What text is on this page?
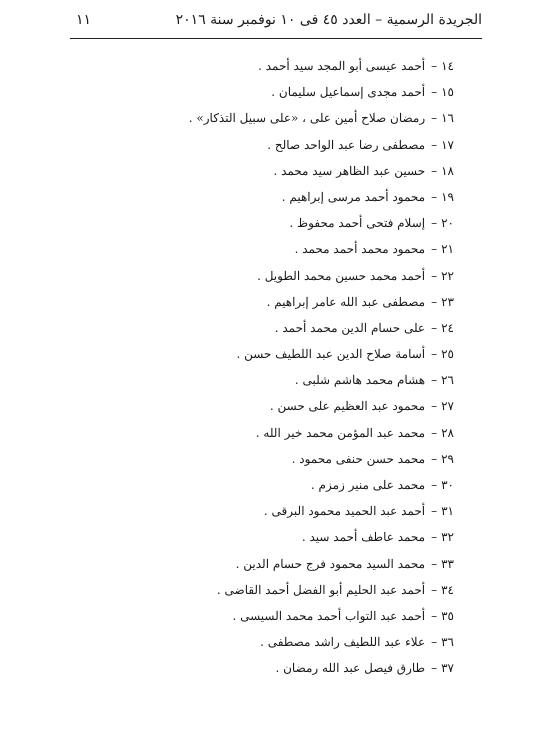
الجريدة الرسمية – العدد ٤٥ فى ١٠ نوفمبر سنة ٢٠١٦
١١
١٤–أحمد عيسى أبو المجد سيد أحمد .
١٥–أحمد مجدى إسماعيل سليمان .
١٦–رمضان صلاح أمين على ، «على سبيل التذكار» .
١٧–مصطفى رضا عبد الواحد صالح .
١٨–حسين عبد الظاهر سيد محمد .
١٩–محمود أحمد مرسى إبراهيم .
٢٠–إسلام فتحى أحمد محفوظ .
٢١–محمود محمد أحمد محمد .
٢٢–أحمد محمد حسين محمد الطويل .
٢٣–مصطفى عبد الله عامر إبراهيم .
٢٤–على حسام الدين محمد أحمد .
٢٥–أسامة صلاح الدين عبد اللطيف حسن .
٢٦–هشام محمد هاشم شلبى .
٢٧–محمود عبد العظيم على حسن .
٢٨–محمد عبد المؤمن محمد خير الله .
٢٩–محمد حسن حنفى محمود .
٣٠–محمد على منير زمزم .
٣١–أحمد عبد الحميد محمود البرقى .
٣٢–محمد عاطف أحمد سيد .
٣٣–محمد السيد محمود فرج حسام الدين .
٣٤–أحمد عبد الحليم أبو الفضل أحمد القاضى .
٣٥–أحمد عبد التواب أحمد محمد السيسى .
٣٦–علاء عبد اللطيف راشد مصطفى .
٣٧–طارق فيصل عبد الله رمضان .
